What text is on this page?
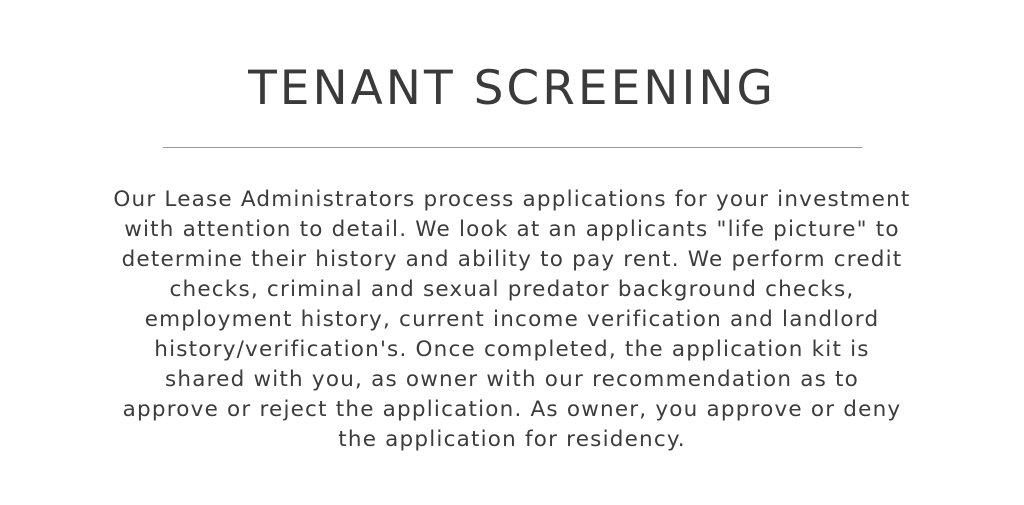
TENANT SCREENING

Our Lease Administrators process applications for your investment
with attention to detail. We look at an applicants "life picture" to
determine their history and ability to pay rent. We perform credit
checks, criminal and sexual predator background checks,
employment history, current income verification and landlord
history/verification's. Once completed, the application kit is
shared with you, as owner with our recommendation as to
approve or reject the application. As owner, you approve or deny
the application for residency.
